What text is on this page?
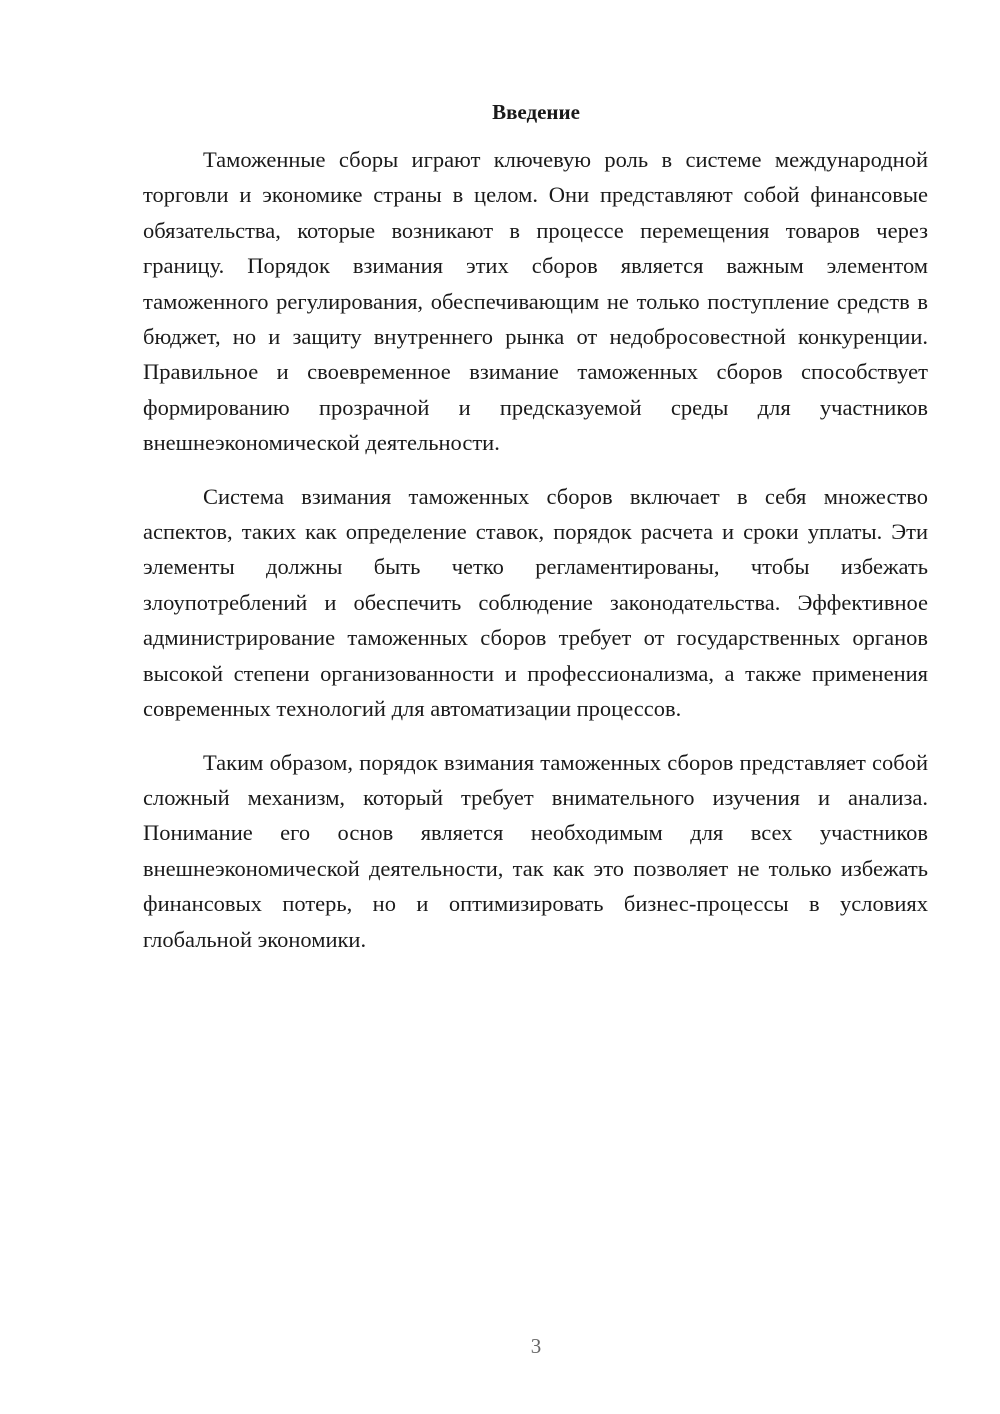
Введение

Таможенные сборы играют ключевую роль в системе международной торговли и экономике страны в целом. Они представляют собой финансовые обязательства, которые возникают в процессе перемещения товаров через границу. Порядок взимания этих сборов является важным элементом таможенного регулирования, обеспечивающим не только поступление средств в бюджет, но и защиту внутреннего рынка от недобросовестной конкуренции. Правильное и своевременное взимание таможенных сборов способствует формированию прозрачной и предсказуемой среды для участников внешнеэкономической деятельности.

Система взимания таможенных сборов включает в себя множество аспектов, таких как определение ставок, порядок расчета и сроки уплаты. Эти элементы должны быть четко регламентированы, чтобы избежать злоупотреблений и обеспечить соблюдение законодательства. Эффективное администрирование таможенных сборов требует от государственных органов высокой степени организованности и профессионализма, а также применения современных технологий для автоматизации процессов.

Таким образом, порядок взимания таможенных сборов представляет собой сложный механизм, который требует внимательного изучения и анализа. Понимание его основ является необходимым для всех участников внешнеэкономической деятельности, так как это позволяет не только избежать финансовых потерь, но и оптимизировать бизнес-процессы в условиях глобальной экономики.

3
